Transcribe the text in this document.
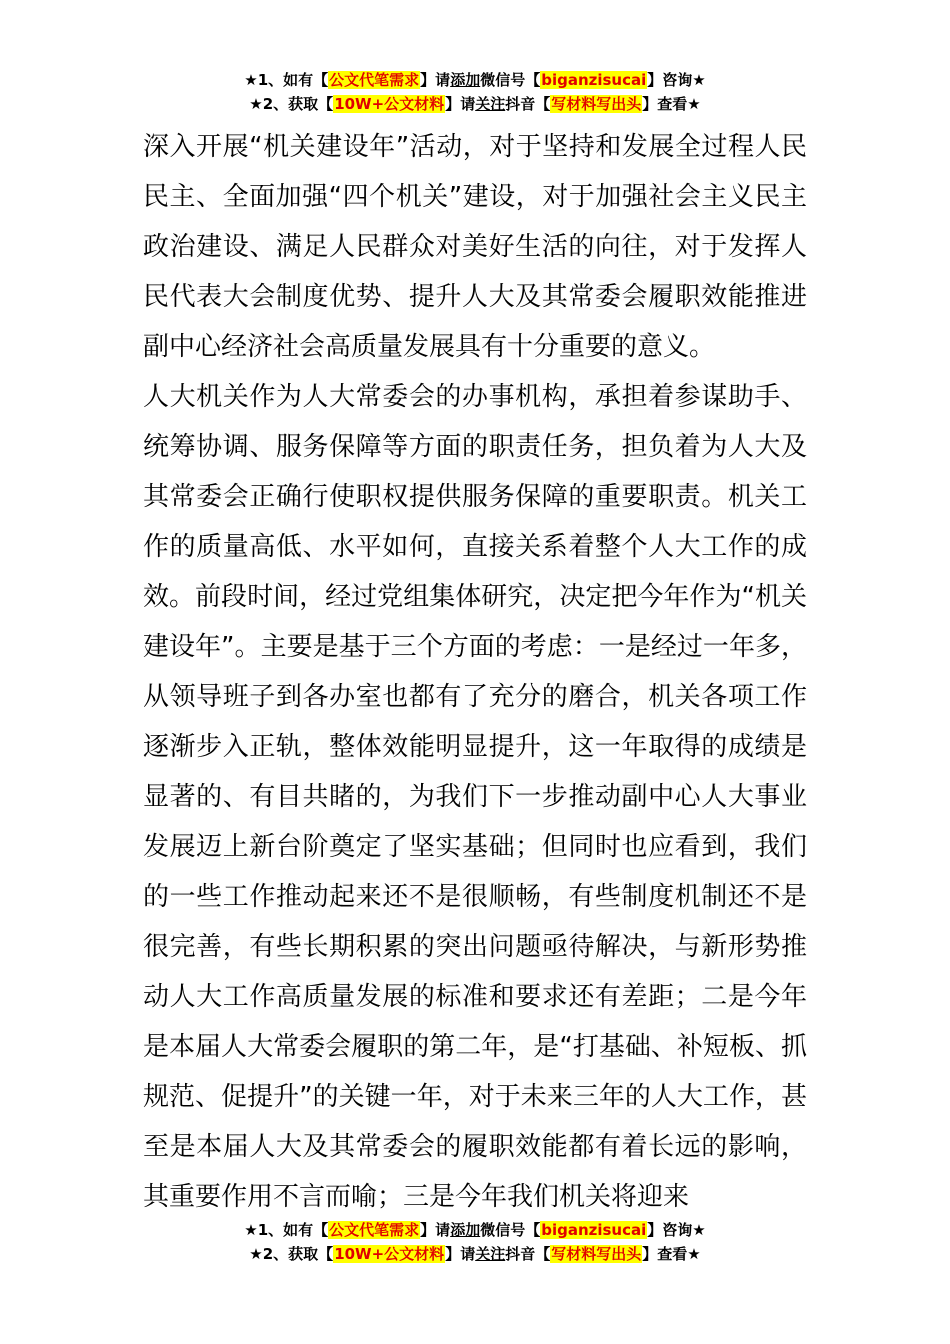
★1、如有【公文代笔需求】请添加微信号【biganzisucai】咨询★
★2、获取【10W+公文材料】请关注抖音【写材料写出头】查看★

深入开展“机关建设年”活动，对于坚持和发展全过程人民民主、全面加强“四个机关”建设，对于加强社会主义民主政治建设、满足人民群众对美好生活的向往，对于发挥人民代表大会制度优势、提升人大及其常委会履职效能推进副中心经济社会高质量发展具有十分重要的意义。

人大机关作为人大常委会的办事机构，承担着参谋助手、统筹协调、服务保障等方面的职责任务，担负着为人大及其常委会正确行使职权提供服务保障的重要职责。机关工作的质量高低、水平如何，直接关系着整个人大工作的成效。前段时间，经过党组集体研究，决定把今年作为“机关建设年”。主要是基于三个方面的考虑：一是经过一年多，从领导班子到各办室也都有了充分的磨合，机关各项工作逐渐步入正轨，整体效能明显提升，这一年取得的成绩是显著的、有目共睹的，为我们下一步推动副中心人大事业发展迈上新台阶奠定了坚实基础；但同时也应看到，我们的一些工作推动起来还不是很顺畅，有些制度机制还不是很完善，有些长期积累的突出问题亟待解决，与新形势推动人大工作高质量发展的标准和要求还有差距；二是今年是本届人大常委会履职的第二年，是“打基础、补短板、抓规范、促提升”的关键一年，对于未来三年的人大工作，甚至是本届人大及其常委会的履职效能都有着长远的影响，其重要作用不言而喻；三是今年我们机关将迎来

★1、如有【公文代笔需求】请添加微信号【biganzisucai】咨询★
★2、获取【10W+公文材料】请关注抖音【写材料写出头】查看★
